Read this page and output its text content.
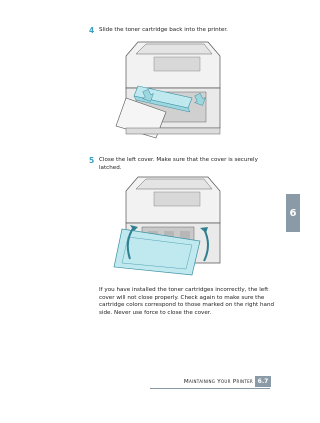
4 Slide the toner cartridge back into the printer.
5 Close the left cover. Make sure that the cover is securely latched.
If you have installed the toner cartridges incorrectly, the left cover will not close properly. Check again to make sure the cartridge colors correspond to those marked on the right hand side. Never use force to close the cover.
6
Maintaining Your Printer 6.7
